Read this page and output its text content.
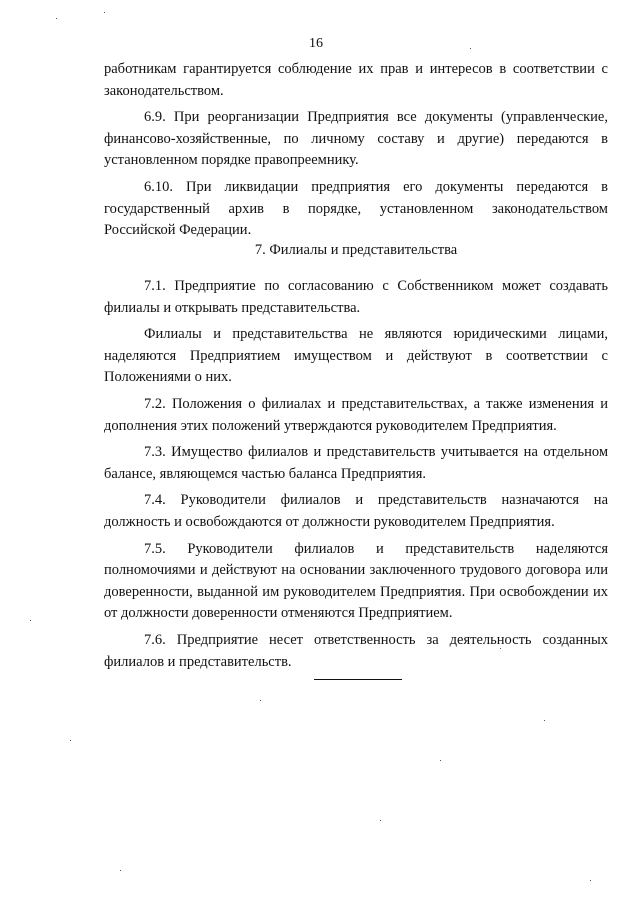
16

работникам гарантируется соблюдение их прав и интересов в соответствии с законодательством.

6.9. При реорганизации Предприятия все документы (управленческие, финансово-хозяйственные, по личному составу и другие) передаются в установленном порядке правопреемнику.

6.10. При ликвидации предприятия его документы передаются в государственный архив в порядке, установленном законодательством Российской Федерации.

7. Филиалы и представительства

7.1. Предприятие по согласованию с Собственником может создавать филиалы и открывать представительства.

Филиалы и представительства не являются юридическими лицами, наделяются Предприятием имуществом и действуют в соответствии с Положениями о них.

7.2. Положения о филиалах и представительствах, а также изменения и дополнения этих положений утверждаются руководителем Предприятия.

7.3. Имущество филиалов и представительств учитывается на отдельном балансе, являющемся частью баланса Предприятия.

7.4. Руководители филиалов и представительств назначаются на должность и освобождаются от должности руководителем Предприятия.

7.5. Руководители филиалов и представительств наделяются полномочиями и действуют на основании заключенного трудового договора или доверенности, выданной им руководителем Предприятия. При освобождении их от должности доверенности отменяются Предприятием.

7.6. Предприятие несет ответственность за деятельность созданных филиалов и представительств.
